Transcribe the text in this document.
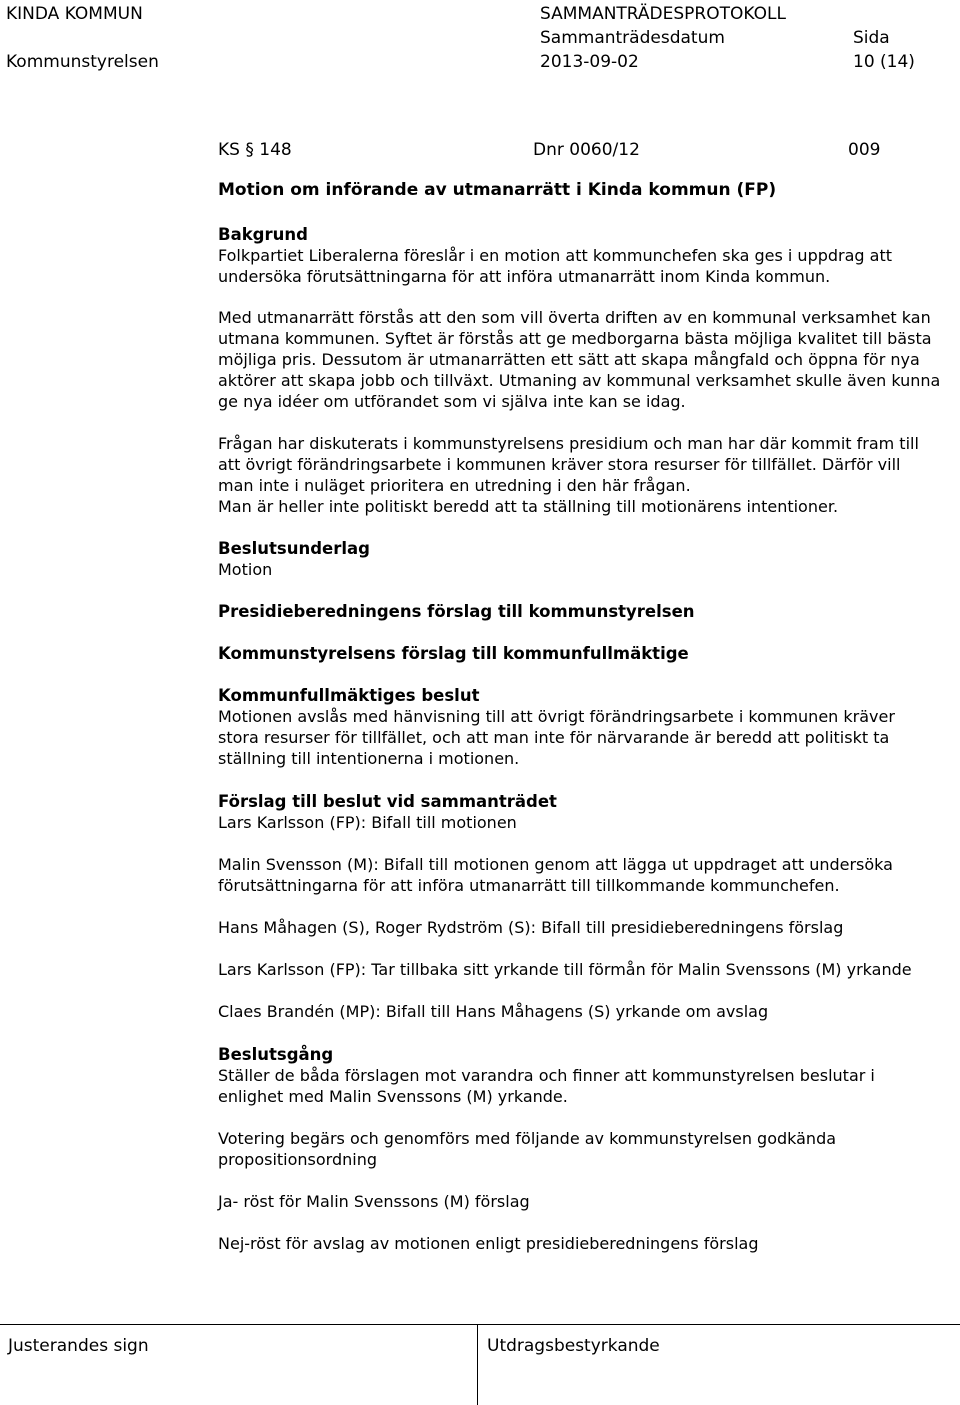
KINDA KOMMUN	SAMMANTRÄDESPROTOKOLL
Sammanträdesdatum	Sida
Kommunstyrelsen	2013-09-02	10 (14)
KS § 148	Dnr 0060/12	009
Motion om införande av utmanarrätt i Kinda kommun (FP)
Bakgrund
Folkpartiet Liberalerna föreslår i en motion att kommunchefen ska ges i uppdrag att
undersöka förutsättningarna för att införa utmanarrätt inom Kinda kommun.
Med utmanarrätt förstås att den som vill överta driften av en kommunal verksamhet kan
utmana kommunen. Syftet är förstås att ge medborgarna bästa möjliga kvalitet till bästa
möjliga pris. Dessutom är utmanarrätten ett sätt att skapa mångfald och öppna för nya
aktörer att skapa jobb och tillväxt. Utmaning av kommunal verksamhet skulle även kunna
ge nya idéer om utförandet som vi själva inte kan se idag.
Frågan har diskuterats i kommunstyrelsens presidium och man har där kommit fram till
att övrigt förändringsarbete i kommunen kräver stora resurser för tillfället. Därför vill
man inte i nuläget prioritera en utredning i den här frågan.
Man är heller inte politiskt beredd att ta ställning till motionärens intentioner.
Beslutsunderlag
Motion
Presidieberedningens förslag till kommunstyrelsen
Kommunstyrelsens förslag till kommunfullmäktige
Kommunfullmäktiges beslut
Motionen avslås med hänvisning till att övrigt förändringsarbete i kommunen kräver
stora resurser för tillfället, och att man inte för närvarande är beredd att politiskt ta
ställning till intentionerna i motionen.
Förslag till beslut vid sammanträdet
Lars Karlsson (FP): Bifall till motionen
Malin Svensson (M): Bifall till motionen genom att lägga ut uppdraget att undersöka
förutsättningarna för att införa utmanarrätt till tillkommande kommunchefen.
Hans Måhagen (S), Roger Rydström (S): Bifall till presidieberedningens förslag
Lars Karlsson (FP): Tar tillbaka sitt yrkande till förmån för Malin Svenssons (M) yrkande
Claes Brandén (MP): Bifall till Hans Måhagens (S) yrkande om avslag
Beslutsgång
Ställer de båda förslagen mot varandra och finner att kommunstyrelsen beslutar i
enlighet med Malin Svenssons (M) yrkande.
Votering begärs och genomförs med följande av kommunstyrelsen godkända
propositionsordning
Ja- röst för Malin Svenssons (M) förslag
Nej-röst för avslag av motionen enligt presidieberedningens förslag
Justerandes sign	Utdragsbestyrkande
